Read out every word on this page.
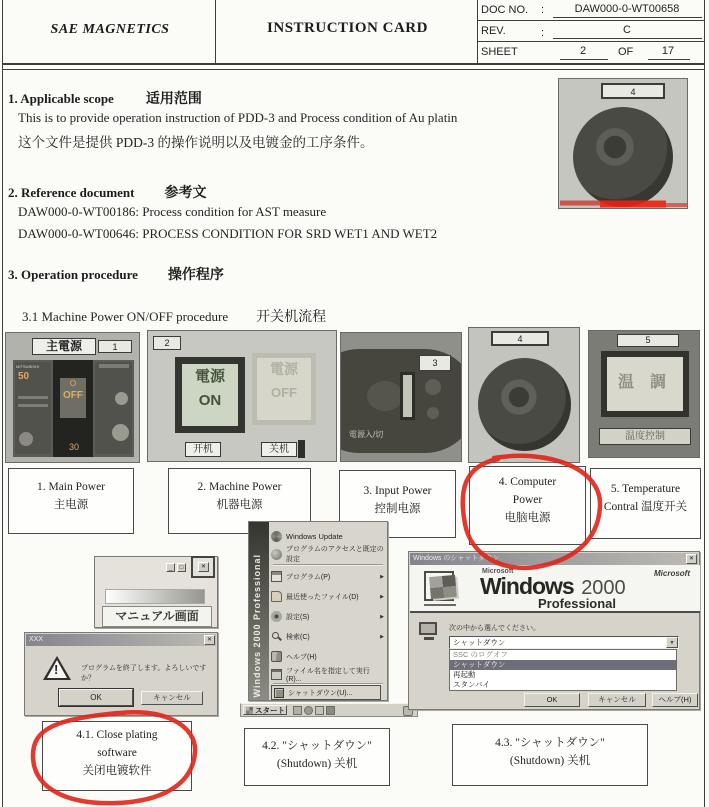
SAE MAGNETICS	INSTRUCTION CARD
DOC NO. :	DAW000-0-WT00658
REV.	:	C
SHEET	2	OF	17
1. Applicable scope 适用范围
This is to provide operation instruction of PDD-3 and Process condition of Au platin
这个文件是提供 PDD-3 的操作说明以及电镀金的工序条件。
4
2. Reference document 参考文
DAW000-0-WT00186: Process condition for AST measure
DAW000-0-WT00646: PROCESS CONDITION FOR SRD WET1 AND WET2
3. Operation procedure 操作程序
3.1 Machine Power ON/OFF procedure 开关机流程
主電源	1
MITSUBISHI
50
O
OFF
30
2
電源
ON
電源
OFF
开机	关机
電源入/切
3
4	5
温 調
温度控制
1. Main Power
主电源
2. Machine Power
机器电源
3. Input Power
控制电源
4. Computer
Power
电脑电源
5. Temperature
Contral 温度开关
_	□	✕
マニュアル画面
XXX	✕
!	プログラムを終了します。よろしいですか？
OK	キャンセル
4.1. Close plating
software
关闭电镀软件
Windows 2000 Professional
Windows Update
プログラムのアクセスと既定の設定
プログラム(P)	▶
最近使ったファイル(D)	▶
設定(S)	▶
検索(C)	▶
ヘルプ(H)
ファイル名を指定して実行(R)...
シャットダウン(U)...
スタート
4.2. "シャットダウン"
(Shutdown) 关机
Windows のシャットダウン	✕
Microsoft
Windows 2000
Professional
Microsoft
次の中から選んでください。
シャットダウン	▼
SSC のログオフ
シャットダウン
再起動
スタンバイ
OK	キャンセル	ヘルプ(H)
4.3. "シャットダウン"
(Shutdown) 关机
